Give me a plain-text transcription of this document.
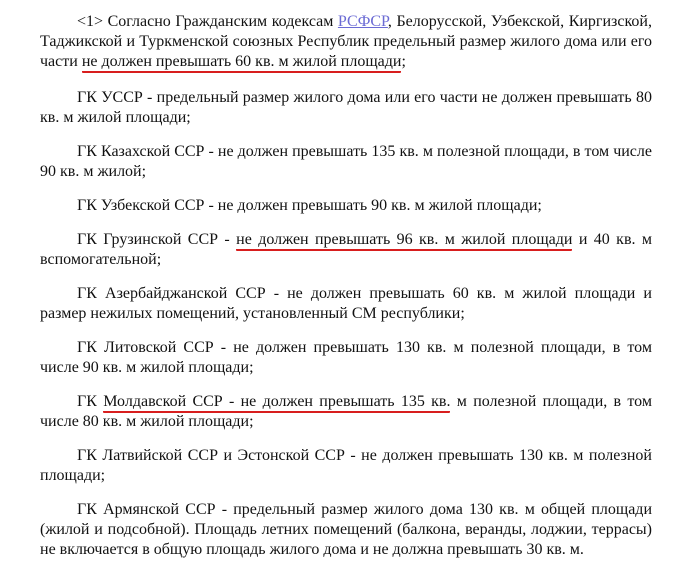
<1> Согласно Гражданским кодексам РСФСР, Белорусской, Узбекской, Киргизской, Таджикской и Туркменской союзных Республик предельный размер жилого дома или его части не должен превышать 60 кв. м жилой площади;

ГК УССР - предельный размер жилого дома или его части не должен превышать 80 кв. м жилой площади;

ГК Казахской ССР - не должен превышать 135 кв. м полезной площади, в том числе 90 кв. м жилой;

ГК Узбекской ССР - не должен превышать 90 кв. м жилой площади;

ГК Грузинской ССР - не должен превышать 96 кв. м жилой площади и 40 кв. м вспомогательной;

ГК Азербайджанской ССР - не должен превышать 60 кв. м жилой площади и размер нежилых помещений, установленный СМ республики;

ГК Литовской ССР - не должен превышать 130 кв. м полезной площади, в том числе 90 кв. м жилой площади;

ГК Молдавской ССР - не должен превышать 135 кв. м полезной площади, в том числе 80 кв. м жилой площади;

ГК Латвийской ССР и Эстонской ССР - не должен превышать 130 кв. м полезной площади;

ГК Армянской ССР - предельный размер жилого дома 130 кв. м общей площади (жилой и подсобной). Площадь летних помещений (балкона, веранды, лоджии, террасы) не включается в общую площадь жилого дома и не должна превышать 30 кв. м.
